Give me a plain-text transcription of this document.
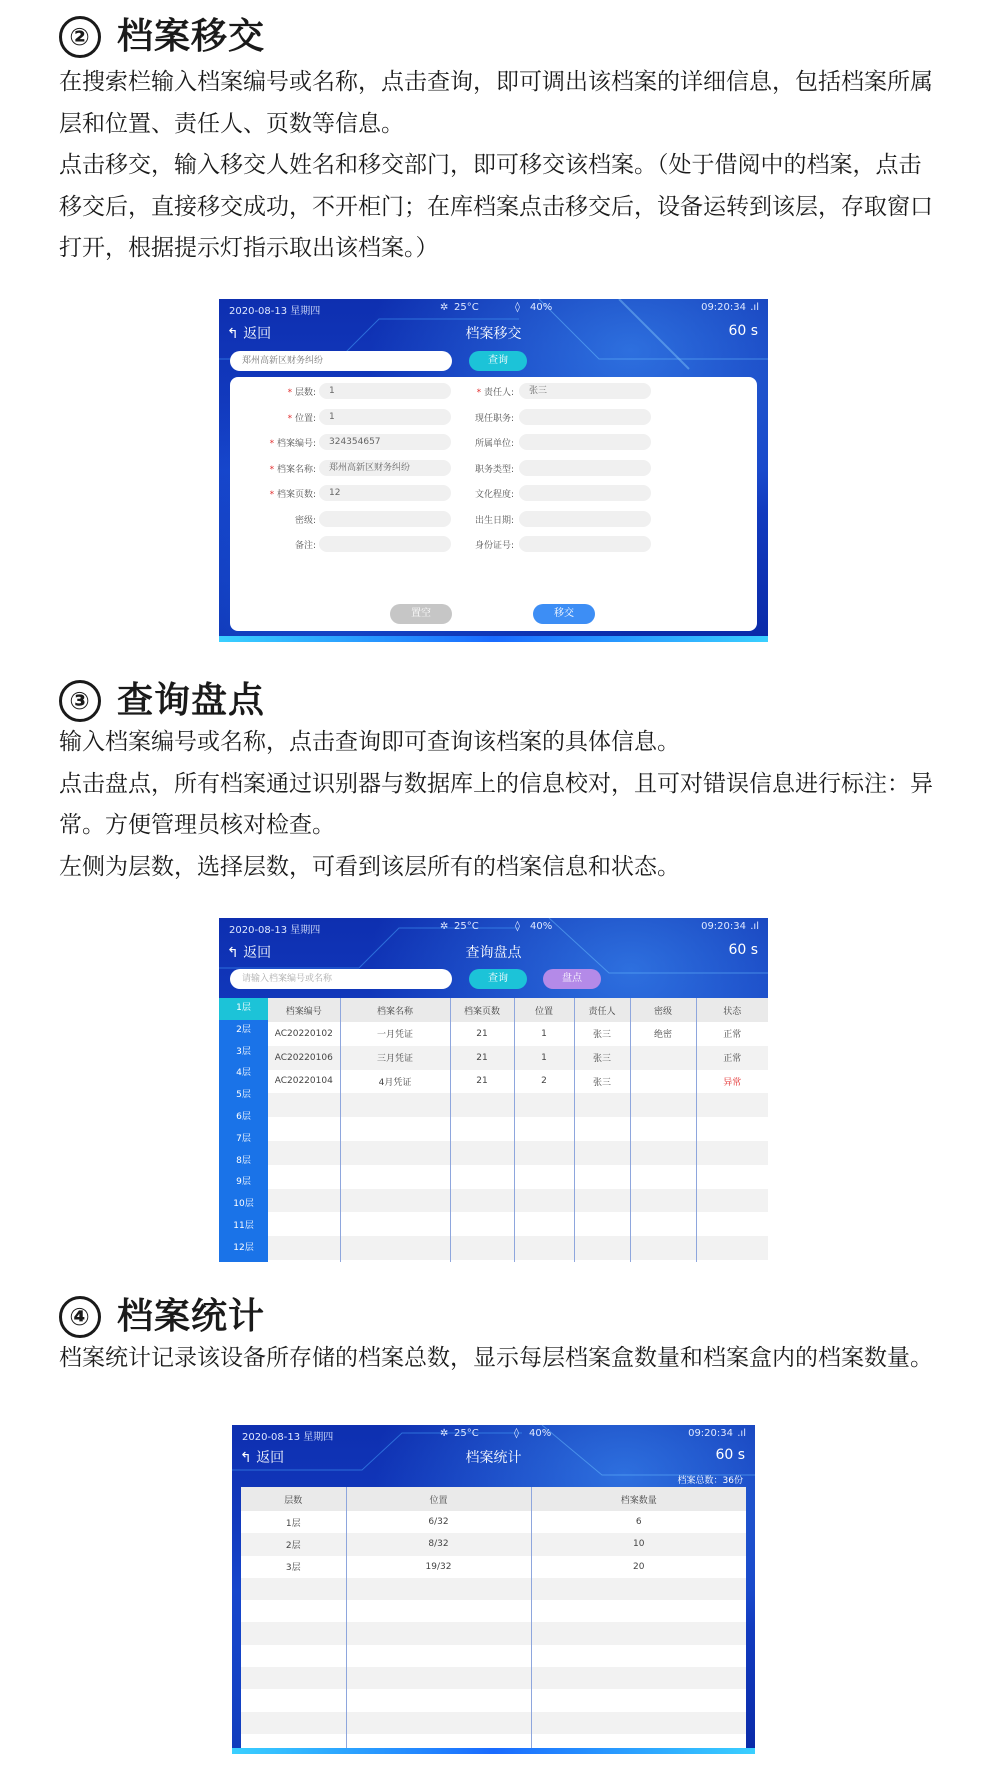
② 档案移交

在搜索栏输入档案编号或名称，点击查询，即可调出该档案的详细信息，包括档案所属层和位置、责任人、页数等信息。

点击移交，输入移交人姓名和移交部门，即可移交该档案。（处于借阅中的档案，点击移交后，直接移交成功，不开柜门；在库档案点击移交后，设备运转到该层，存取窗口打开，根据提示灯指示取出该档案。）

2020-08-13 星期四	✲ 25°C	◊ 40%	09:20:34 .ıl
↰ 返回	档案移交	60 s
郑州高新区财务纠纷	查询
* 层数:	1
* 位置:	1
* 档案编号:	324354657
* 档案名称:	郑州高新区财务纠纷
* 档案页数:	12
密级:
备注:
* 责任人:	张三
现任职务:
所属单位:
职务类型:
文化程度:
出生日期:
身份证号:
置空	移交
③ 查询盘点

输入档案编号或名称，点击查询即可查询该档案的具体信息。

点击盘点，所有档案通过识别器与数据库上的信息校对，且可对错误信息进行标注：异常。方便管理员核对检查。

左侧为层数，选择层数，可看到该层所有的档案信息和状态。

2020-08-13 星期四	✲ 25°C	◊ 40%	09:20:34 .ıl
↰ 返回	查询盘点	60 s
请输入档案编号或名称	查询	盘点
1层
2层
3层
4层
5层
6层
7层
8层
9层
10层
11层
12层
档案编号	档案名称	档案页数	位置	责任人	密级	状态
AC20220102	一月凭证	21	1	张三	绝密	正常
AC20220106	三月凭证	21	1	张三		正常
AC20220104	4月凭证	21	2	张三		异常

④ 档案统计

档案统计记录该设备所存储的档案总数，显示每层档案盒数量和档案盒内的档案数量。

2020-08-13 星期四	✲ 25°C	◊ 40%	09:20:34 .ıl
↰ 返回	档案统计	60 s
档案总数：36份
层数	位置	档案数量
1层	6/32	6
2层	8/32	10
3层	19/32	20
